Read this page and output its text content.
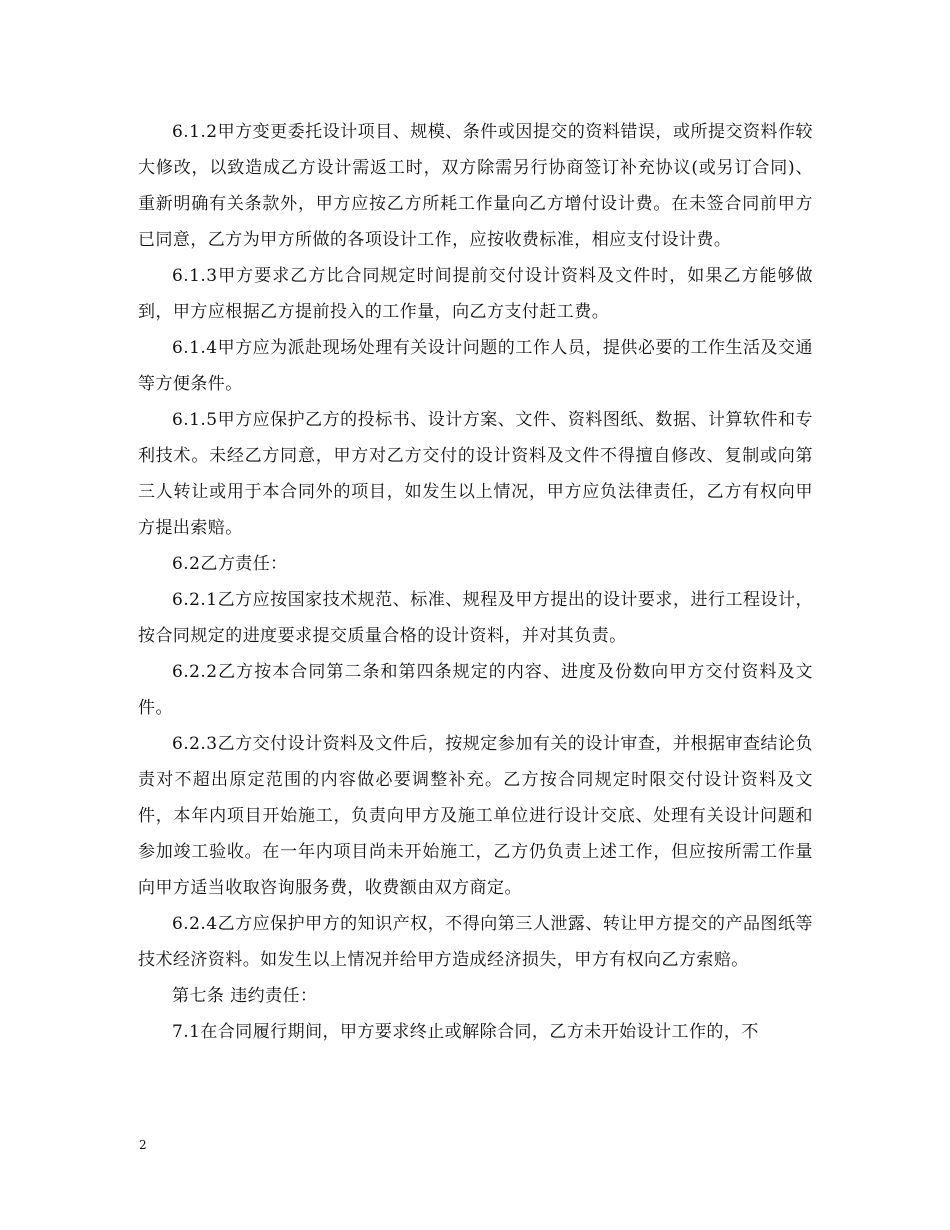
6.1.2甲方变更委托设计项目、规模、条件或因提交的资料错误，或所提交资料作较大修改，以致造成乙方设计需返工时，双方除需另行协商签订补充协议(或另订合同)、重新明确有关条款外，甲方应按乙方所耗工作量向乙方增付设计费。在未签合同前甲方已同意，乙方为甲方所做的各项设计工作，应按收费标准，相应支付设计费。

6.1.3甲方要求乙方比合同规定时间提前交付设计资料及文件时，如果乙方能够做到，甲方应根据乙方提前投入的工作量，向乙方支付赶工费。

6.1.4甲方应为派赴现场处理有关设计问题的工作人员，提供必要的工作生活及交通等方便条件。

6.1.5甲方应保护乙方的投标书、设计方案、文件、资料图纸、数据、计算软件和专利技术。未经乙方同意，甲方对乙方交付的设计资料及文件不得擅自修改、复制或向第三人转让或用于本合同外的项目，如发生以上情况，甲方应负法律责任，乙方有权向甲方提出索赔。

6.2乙方责任：

6.2.1乙方应按国家技术规范、标准、规程及甲方提出的设计要求，进行工程设计，按合同规定的进度要求提交质量合格的设计资料，并对其负责。

6.2.2乙方按本合同第二条和第四条规定的内容、进度及份数向甲方交付资料及文件。

6.2.3乙方交付设计资料及文件后，按规定参加有关的设计审查，并根据审查结论负责对不超出原定范围的内容做必要调整补充。乙方按合同规定时限交付设计资料及文件，本年内项目开始施工，负责向甲方及施工单位进行设计交底、处理有关设计问题和参加竣工验收。在一年内项目尚未开始施工，乙方仍负责上述工作，但应按所需工作量向甲方适当收取咨询服务费，收费额由双方商定。

6.2.4乙方应保护甲方的知识产权，不得向第三人泄露、转让甲方提交的产品图纸等技术经济资料。如发生以上情况并给甲方造成经济损失，甲方有权向乙方索赔。

第七条 违约责任：

7.1在合同履行期间，甲方要求终止或解除合同，乙方未开始设计工作的，不

2
